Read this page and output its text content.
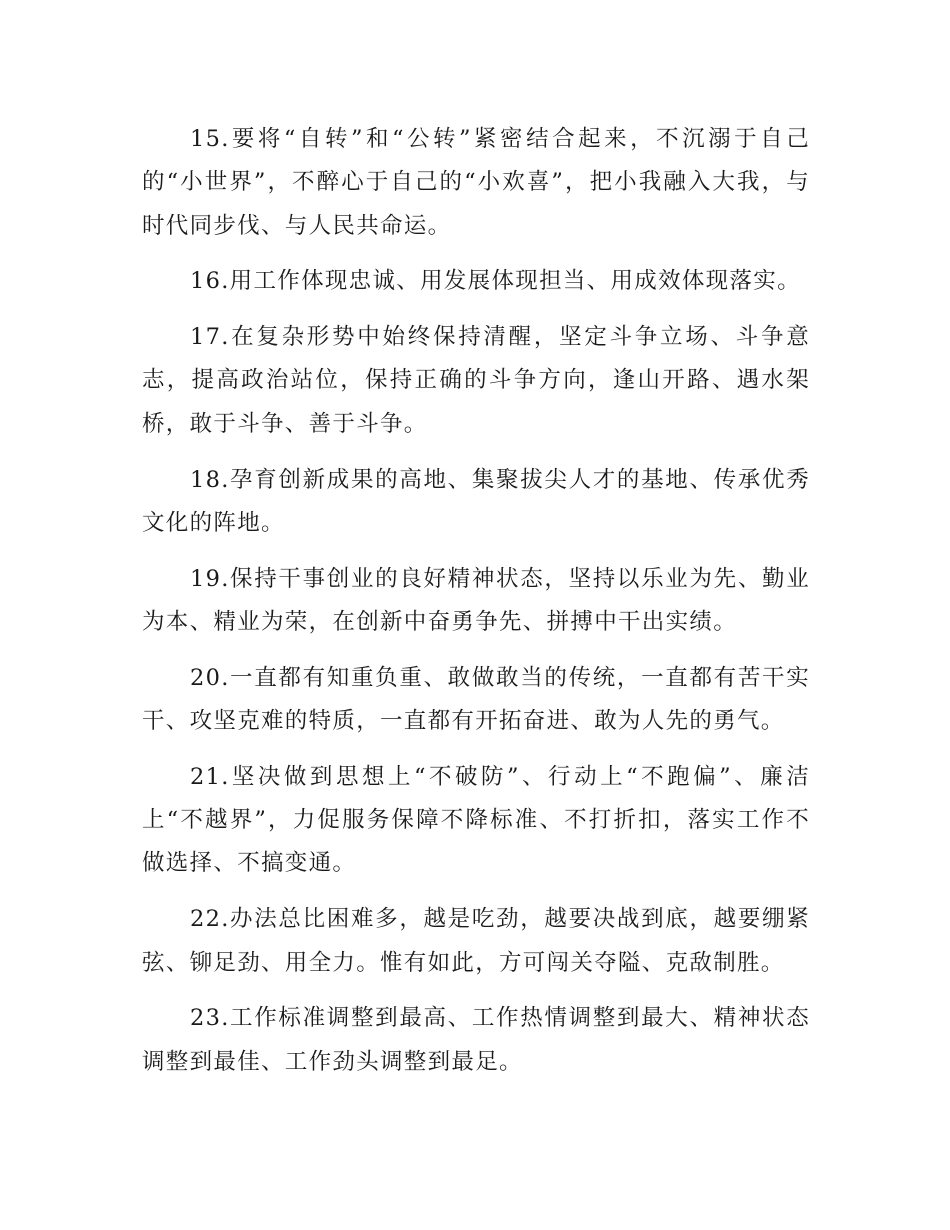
15.要将“自转”和“公转”紧密结合起来，不沉溺于自己的“小世界”，不醉心于自己的“小欢喜”，把小我融入大我，与时代同步伐、与人民共命运。

16.用工作体现忠诚、用发展体现担当、用成效体现落实。

17.在复杂形势中始终保持清醒，坚定斗争立场、斗争意志，提高政治站位，保持正确的斗争方向，逢山开路、遇水架桥，敢于斗争、善于斗争。

18.孕育创新成果的高地、集聚拔尖人才的基地、传承优秀文化的阵地。

19.保持干事创业的良好精神状态，坚持以乐业为先、勤业为本、精业为荣，在创新中奋勇争先、拼搏中干出实绩。

20.一直都有知重负重、敢做敢当的传统，一直都有苦干实干、攻坚克难的特质，一直都有开拓奋进、敢为人先的勇气。

21.坚决做到思想上“不破防”、行动上“不跑偏”、廉洁上“不越界”，力促服务保障不降标准、不打折扣，落实工作不做选择、不搞变通。

22.办法总比困难多，越是吃劲，越要决战到底，越要绷紧弦、铆足劲、用全力。惟有如此，方可闯关夺隘、克敌制胜。

23.工作标准调整到最高、工作热情调整到最大、精神状态调整到最佳、工作劲头调整到最足。
